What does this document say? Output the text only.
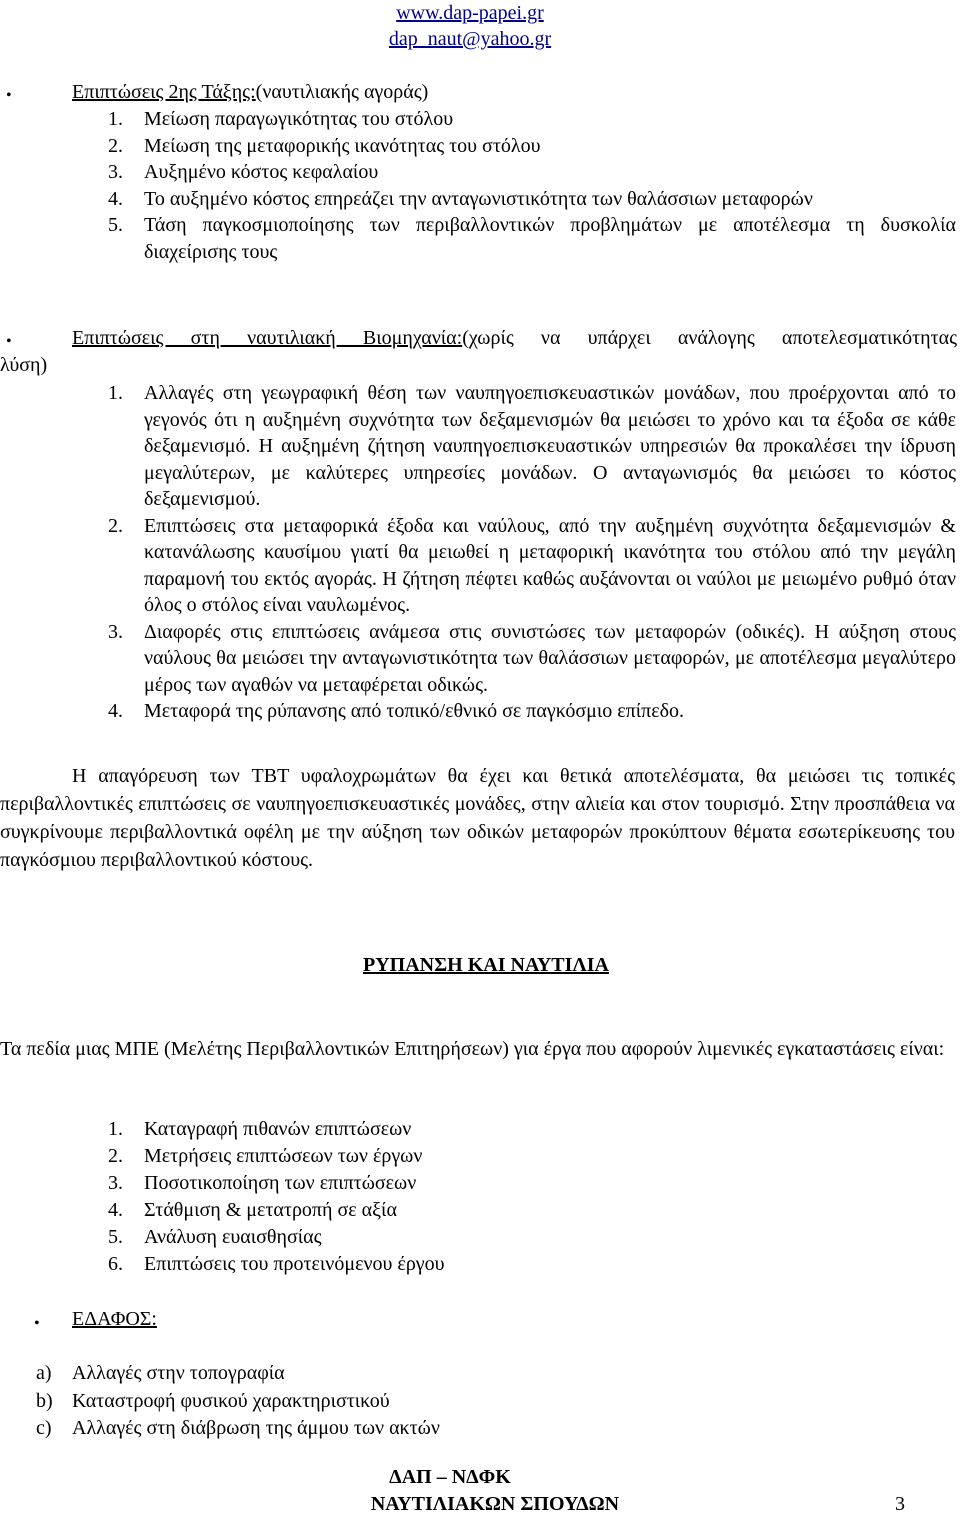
www.dap-papei.gr
dap_naut@yahoo.gr
•	Επιπτώσεις 2ης Τάξης:(ναυτιλιακής αγοράς)
1.	Μείωση παραγωγικότητας του στόλου
2.	Μείωση της μεταφορικής ικανότητας του στόλου
3.	Αυξημένο κόστος κεφαλαίου
4.	Το αυξημένο κόστος επηρεάζει την ανταγωνιστικότητα των θαλάσσιων μεταφορών
5.	Τάση παγκοσμιοποίησης των περιβαλλοντικών προβλημάτων με αποτέλεσμα τη δυσκολία διαχείρισης τους
•	Επιπτώσεις στη ναυτιλιακή Βιομηχανία:(χωρίς να υπάρχει ανάλογης αποτελεσματικότητας
λύση)
1.	Αλλαγές στη γεωγραφική θέση των ναυπηγοεπισκευαστικών μονάδων, που προέρχονται από το γεγονός ότι η αυξημένη συχνότητα των δεξαμενισμών θα μειώσει το χρόνο και τα έξοδα σε κάθε δεξαμενισμό. Η αυξημένη ζήτηση ναυπηγοεπισκευαστικών υπηρεσιών θα προκαλέσει την ίδρυση μεγαλύτερων, με καλύτερες υπηρεσίες μονάδων. Ο ανταγωνισμός θα μειώσει το κόστος δεξαμενισμού.
2.	Επιπτώσεις στα μεταφορικά έξοδα και ναύλους, από την αυξημένη συχνότητα δεξαμενισμών & κατανάλωσης καυσίμου γιατί θα μειωθεί η μεταφορική ικανότητα του στόλου από την μεγάλη παραμονή του εκτός αγοράς. Η ζήτηση πέφτει καθώς αυξάνονται οι ναύλοι με μειωμένο ρυθμό όταν όλος ο στόλος είναι ναυλωμένος.
3.	Διαφορές στις επιπτώσεις ανάμεσα στις συνιστώσες των μεταφορών (οδικές). Η αύξηση στους ναύλους θα μειώσει την ανταγωνιστικότητα των θαλάσσιων μεταφορών, με αποτέλεσμα μεγαλύτερο μέρος των αγαθών να μεταφέρεται οδικώς.
4.	Μεταφορά της ρύπανσης από τοπικό/εθνικό σε παγκόσμιο επίπεδο.
Η απαγόρευση των TBT υφαλοχρωμάτων θα έχει και θετικά αποτελέσματα, θα μειώσει τις τοπικές περιβαλλοντικές επιπτώσεις σε ναυπηγοεπισκευαστικές μονάδες, στην αλιεία και στον τουρισμό. Στην προσπάθεια να συγκρίνουμε περιβαλλοντικά οφέλη με την αύξηση των οδικών μεταφορών προκύπτουν θέματα εσωτερίκευσης του παγκόσμιου περιβαλλοντικού κόστους.
ΡΥΠΑΝΣΗ ΚΑΙ ΝΑΥΤΙΛΙΑ
Τα πεδία μιας ΜΠΕ (Μελέτης Περιβαλλοντικών Επιτηρήσεων) για έργα που αφορούν λιμενικές εγκαταστάσεις είναι:
1.	Καταγραφή πιθανών επιπτώσεων
2.	Μετρήσεις επιπτώσεων των έργων
3.	Ποσοτικοποίηση των επιπτώσεων
4.	Στάθμιση & μετατροπή σε αξία
5.	Ανάλυση ευαισθησίας
6.	Επιπτώσεις του προτεινόμενου έργου
• ΕΔΑΦΟΣ:
a)	Αλλαγές στην τοπογραφία
b) Καταστροφή φυσικού χαρακτηριστικού
c)	Αλλαγές στη διάβρωση της άμμου των ακτών
ΔΑΠ – ΝΔΦΚ
ΝΑΥΤΙΛΙΑΚΩΝ ΣΠΟΥΔΩΝ	3
